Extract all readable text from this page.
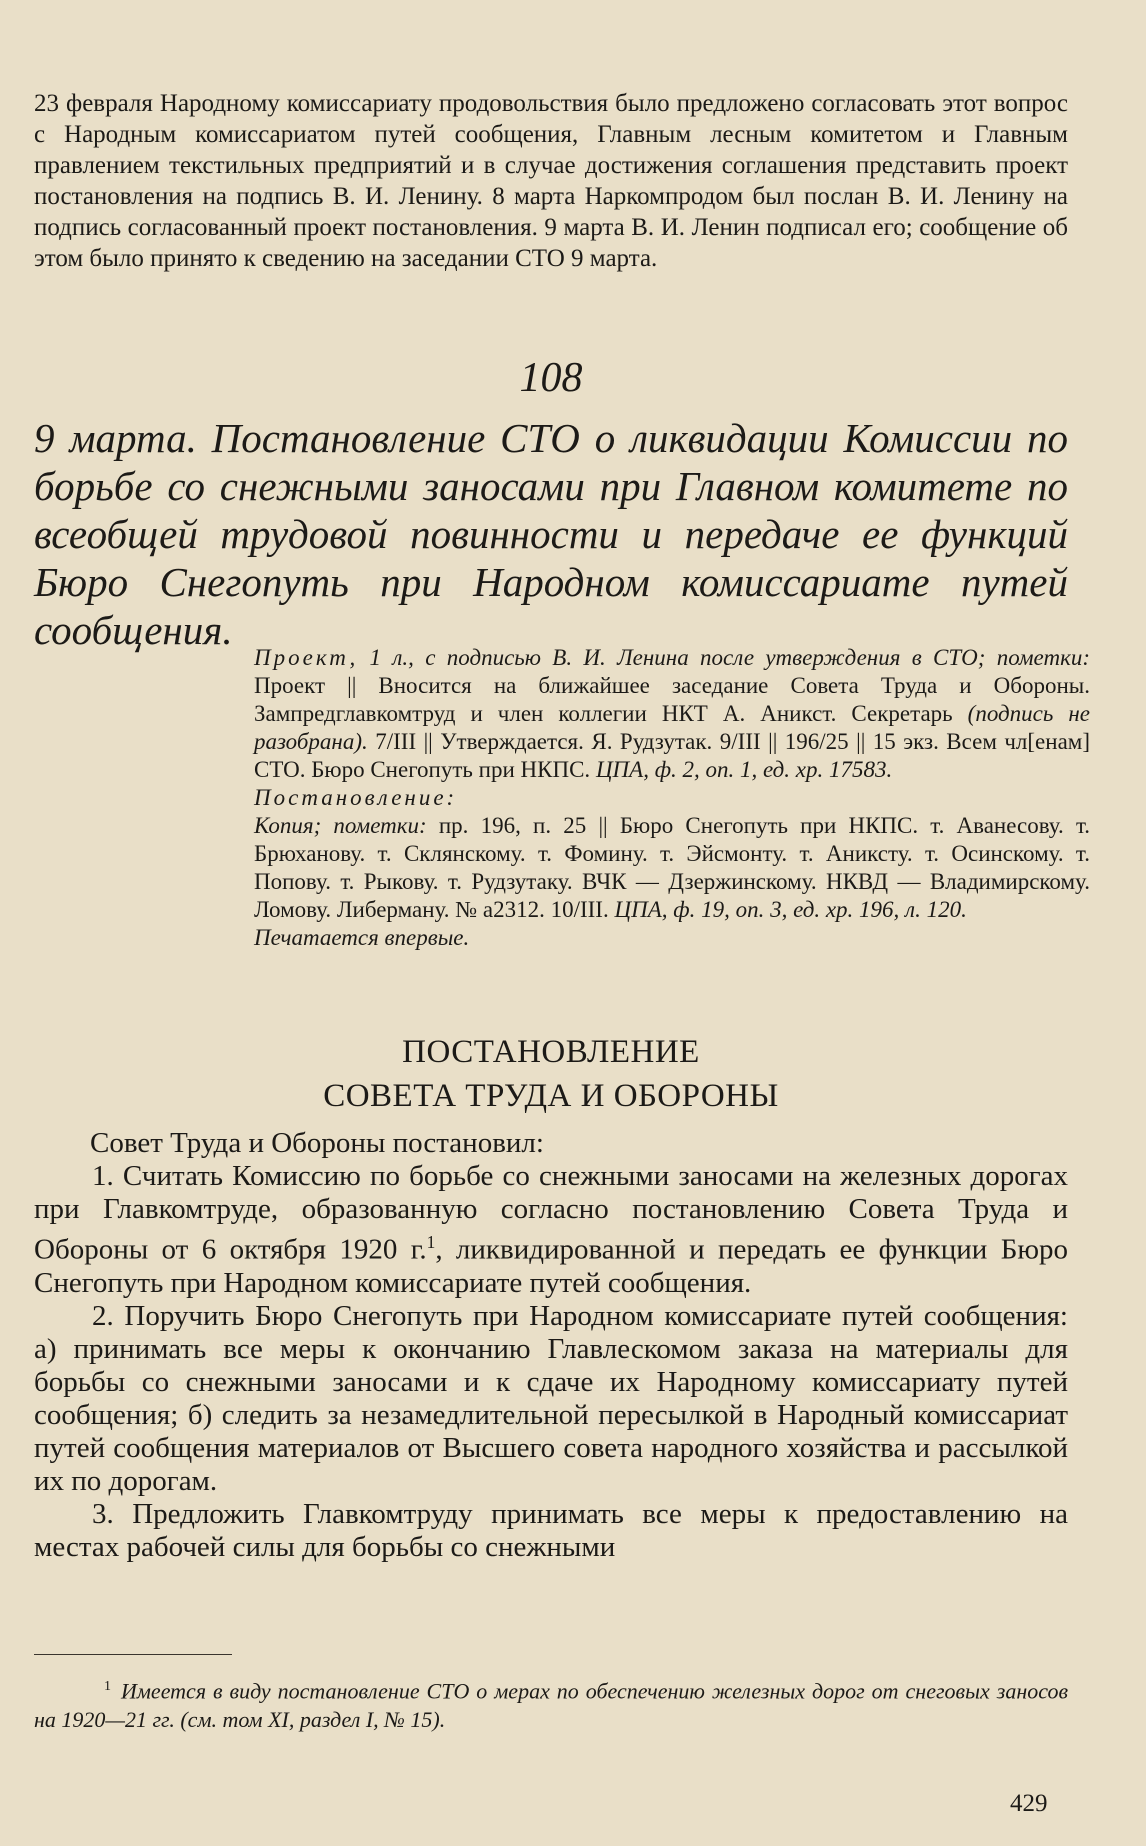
23 февраля Народному комиссариату продовольствия было предложено согласовать этот вопрос с Народным комиссариатом путей сообщения, Главным лесным комитетом и Главным правлением текстильных предприятий и в случае достижения соглашения представить проект постановления на подпись В. И. Ленину. 8 марта Наркомпродом был послан В. И. Ленину на подпись согласованный проект постановления. 9 марта В. И. Ленин подписал его; сообщение об этом было принято к сведению на заседании СТО 9 марта.
108
9 марта. Постановление СТО о ликвидации Комиссии по борьбе со снежными заносами при Главном комитете по всеобщей трудовой повинности и передаче ее функций Бюро Снегопуть при Народном комиссариате путей сообщения.

Проект, 1 л., с подписью В. И. Ленина после утверждения в СТО; пометки: Проект || Вносится на ближайшее заседание Совета Труда и Обороны. Зампредглавкомтруд и член коллегии НКТ А. Аникст. Секретарь (подпись не разобрана). 7/III || Утверждается. Я. Рудзутак. 9/III || 196/25 || 15 экз. Всем чл[енам] СТО. Бюро Снегопуть при НКПС. ЦПА, ф. 2, оп. 1, ед. хр. 17583.

Постановление:

Копия; пометки: пр. 196, п. 25 || Бюро Снегопуть при НКПС. т. Аванесову. т. Брюханову. т. Склянскому. т. Фомину. т. Эйсмонту. т. Аниксту. т. Осинскому. т. Попову. т. Рыкову. т. Рудзутаку. ВЧК — Дзержинскому. НКВД — Владимирскому. Ломову. Либерману. № а2312. 10/III. ЦПА, ф. 19, оп. 3, ед. хр. 196, л. 120.

Печатается впервые.

ПОСТАНОВЛЕНИЕ
СОВЕТА ТРУДА И ОБОРОНЫ

Совет Труда и Обороны постановил:

1. Считать Комиссию по борьбе со снежными заносами на железных дорогах при Главкомтруде, образованную согласно постановлению Совета Труда и Обороны от 6 октября 1920 г.$^1$, ликвидированной и передать ее функции Бюро Снегопуть при Народном комиссариате путей сообщения.

2. Поручить Бюро Снегопуть при Народном комиссариате путей сообщения: а) принимать все меры к окончанию Главлескомом заказа на материалы для борьбы со снежными заносами и к сдаче их Народному комиссариату путей сообщения; б) следить за незамедлительной пересылкой в Народный комиссариат путей сообщения материалов от Высшего совета народного хозяйства и рассылкой их по дорогам.

3. Предложить Главкомтруду принимать все меры к предоставлению на местах рабочей силы для борьбы со снежными

$^1$ Имеется в виду постановление СТО о мерах по обеспечению железных дорог от снеговых заносов на 1920—21 гг. (см. том XI, раздел I, № 15).
429
